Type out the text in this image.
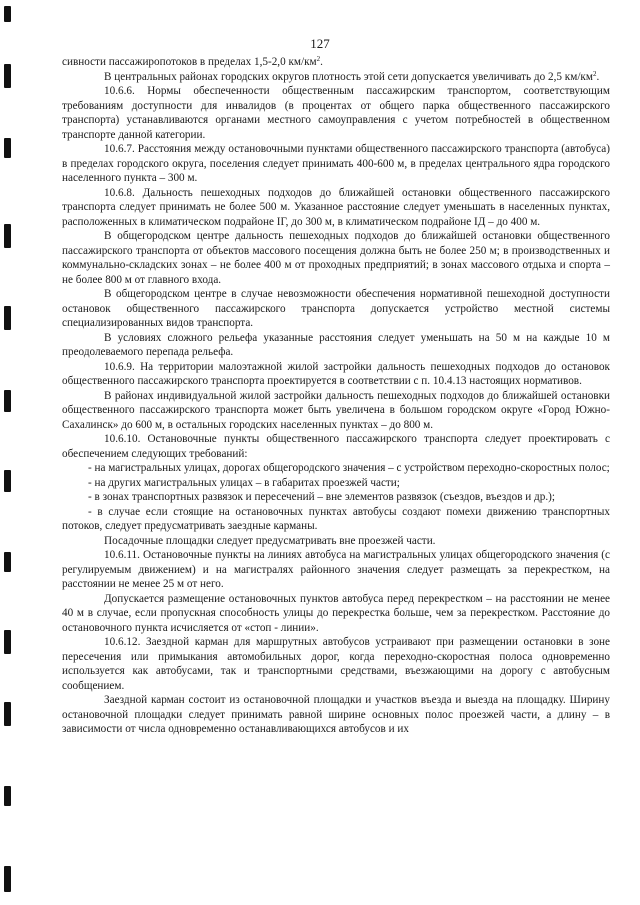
127

сивности пассажиропотоков в пределах 1,5-2,0 $км/км^2$.

В центральных районах городских округов плотность этой сети допускается увеличивать до 2,5 $км/км^2$.

10.6.6. Нормы обеспеченности общественным пассажирским транспортом, соответствующим требованиям доступности для инвалидов (в процентах от общего парка общественного пассажирского транспорта) устанавливаются органами местного самоуправления с учетом потребностей в общественном транспорте данной категории.

10.6.7. Расстояния между остановочными пунктами общественного пассажирского транспорта (автобуса) в пределах городского округа, поселения следует принимать 400-600 м, в пределах центрального ядра городского населенного пункта – 300 м.

10.6.8. Дальность пешеходных подходов до ближайшей остановки общественного пассажирского транспорта следует принимать не более 500 м. Указанное расстояние следует уменьшать в населенных пунктах, расположенных в климатическом подрайоне IГ, до 300 м, в климатическом подрайоне IД – до 400 м.

В общегородском центре дальность пешеходных подходов до ближайшей остановки общественного пассажирского транспорта от объектов массового посещения должна быть не более 250 м; в производственных и коммунально-складских зонах – не более 400 м от проходных предприятий; в зонах массового отдыха и спорта – не более 800 м от главного входа.

В общегородском центре в случае невозможности обеспечения нормативной пешеходной доступности остановок общественного пассажирского транспорта допускается устройство местной системы специализированных видов транспорта.

В условиях сложного рельефа указанные расстояния следует уменьшать на 50 м на каждые 10 м преодолеваемого перепада рельефа.

10.6.9. На территории малоэтажной жилой застройки дальность пешеходных подходов до остановок общественного пассажирского транспорта проектируется в соответствии с п. 10.4.13 настоящих нормативов.

В районах индивидуальной жилой застройки дальность пешеходных подходов до ближайшей остановки общественного пассажирского транспорта может быть увеличена в большом городском округе «Город Южно-Сахалинск» до 600 м, в остальных городских населенных пунктах – до 800 м.

10.6.10. Остановочные пункты общественного пассажирского транспорта следует проектировать с обеспечением следующих требований:

- на магистральных улицах, дорогах общегородского значения – с устройством переходно-скоростных полос;

- на других магистральных улицах – в габаритах проезжей части;

- в зонах транспортных развязок и пересечений – вне элементов развязок (съездов, въездов и др.);

- в случае если стоящие на остановочных пунктах автобусы создают помехи движению транспортных потоков, следует предусматривать заездные карманы.

Посадочные площадки следует предусматривать вне проезжей части.

10.6.11. Остановочные пункты на линиях автобуса на магистральных улицах общегородского значения (с регулируемым движением) и на магистралях районного значения следует размещать за перекрестком, на расстоянии не менее 25 м от него.

Допускается размещение остановочных пунктов автобуса перед перекрестком – на расстоянии не менее 40 м в случае, если пропускная способность улицы до перекрестка больше, чем за перекрестком. Расстояние до остановочного пункта исчисляется от «стоп - линии».

10.6.12. Заездной карман для маршрутных автобусов устраивают при размещении остановки в зоне пересечения или примыкания автомобильных дорог, когда переходно-скоростная полоса одновременно используется как автобусами, так и транспортными средствами, въезжающими на дорогу с автобусным сообщением.

Заездной карман состоит из остановочной площадки и участков въезда и выезда на площадку. Ширину остановочной площадки следует принимать равной ширине основных полос проезжей части, а длину – в зависимости от числа одновременно останавливающихся автобусов и их
